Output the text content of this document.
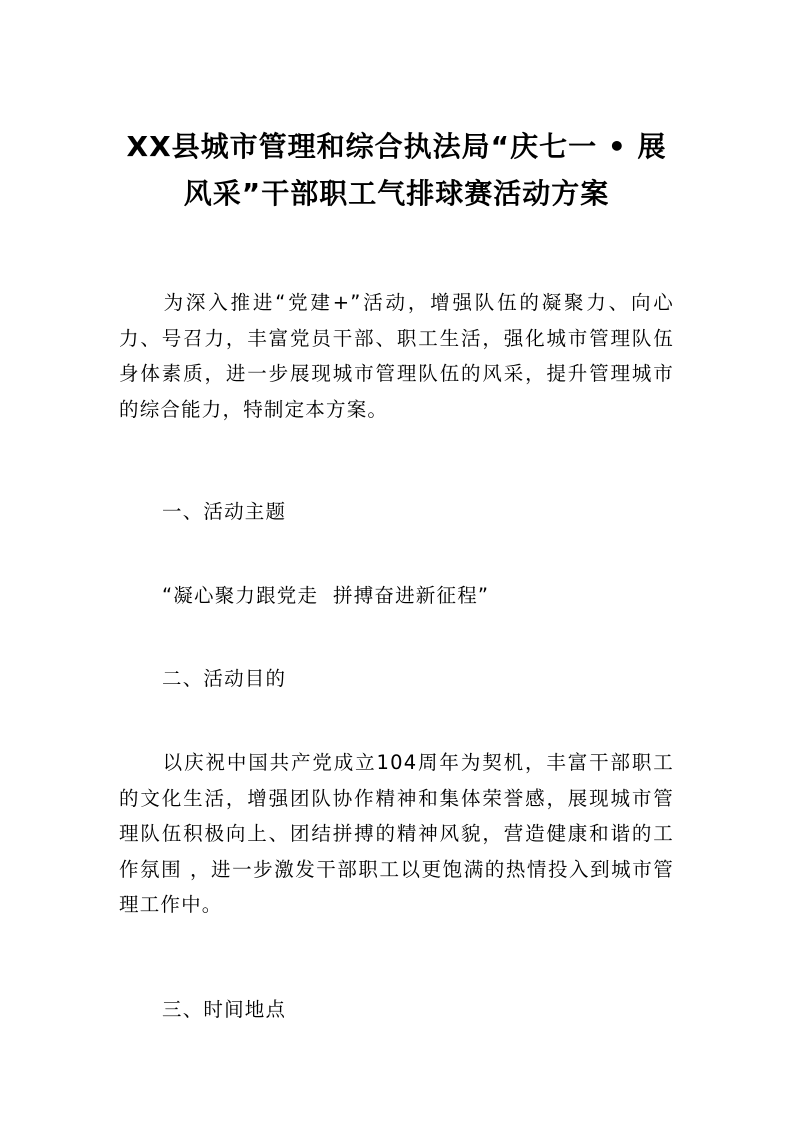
XX县城市管理和综合执法局“庆七一 • 展
风采”干部职工气排球赛活动方案

为深入推进“党建+”活动，增强队伍的凝聚力、向心力、号召力，丰富党员干部、职工生活，强化城市管理队伍身体素质，进一步展现城市管理队伍的风采，提升管理城市的综合能力，特制定本方案。

一、活动主题

“凝心聚力跟党走  拼搏奋进新征程”

二、活动目的

以庆祝中国共产党成立104周年为契机，丰富干部职工的文化生活，增强团队协作精神和集体荣誉感，展现城市管理队伍积极向上、团结拼搏的精神风貌，营造健康和谐的工作氛围 ，进一步激发干部职工以更饱满的热情投入到城市管理工作中。

三、时间地点
